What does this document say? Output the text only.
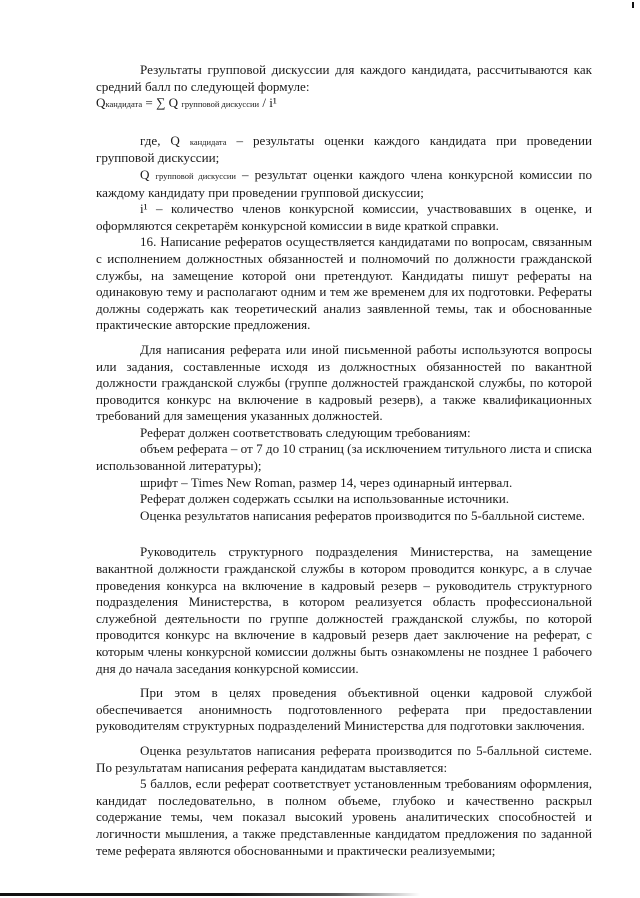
Результаты групповой дискуссии для каждого кандидата, рассчитываются как средний балл по следующей формуле:

Qкандидата = ∑ Q групповой дискуссии / i¹

где, Q кандидата – результаты оценки каждого кандидата при проведении групповой дискуссии;

Q групповой дискуссии – результат оценки каждого члена конкурсной комиссии по каждому кандидату при проведении групповой дискуссии;

i¹ – количество членов конкурсной комиссии, участвовавших в оценке, и оформляются секретарём конкурсной комиссии в виде краткой справки.

16. Написание рефератов осуществляется кандидатами по вопросам, связанным с исполнением должностных обязанностей и полномочий по должности гражданской службы, на замещение которой они претендуют. Кандидаты пишут рефераты на одинаковую тему и располагают одним и тем же временем для их подготовки. Рефераты должны содержать как теоретический анализ заявленной темы, так и обоснованные практические авторские предложения.

Для написания реферата или иной письменной работы используются вопросы или задания, составленные исходя из должностных обязанностей по вакантной должности гражданской службы (группе должностей гражданской службы, по которой проводится конкурс на включение в кадровый резерв), а также квалификационных требований для замещения указанных должностей.

Реферат должен соответствовать следующим требованиям:

объем реферата – от 7 до 10 страниц (за исключением титульного листа и списка использованной литературы);

шрифт – Times New Roman, размер 14, через одинарный интервал.

Реферат должен содержать ссылки на использованные источники.

Оценка результатов написания рефератов производится по 5-балльной системе.

Руководитель структурного подразделения Министерства, на замещение вакантной должности гражданской службы в котором проводится конкурс, а в случае проведения конкурса на включение в кадровый резерв – руководитель структурного подразделения Министерства, в котором реализуется область профессиональной служебной деятельности по группе должностей гражданской службы, по которой проводится конкурс на включение в кадровый резерв дает заключение на реферат, с которым члены конкурсной комиссии должны быть ознакомлены не позднее 1 рабочего дня до начала заседания конкурсной комиссии.

При этом в целях проведения объективной оценки кадровой службой обеспечивается анонимность подготовленного реферата при предоставлении руководителям структурных подразделений Министерства для подготовки заключения.

Оценка результатов написания реферата производится по 5-балльной системе. По результатам написания реферата кандидатам выставляется:

5 баллов, если реферат соответствует установленным требованиям оформления, кандидат последовательно, в полном объеме, глубоко и качественно раскрыл содержание темы, чем показал высокий уровень аналитических способностей и логичности мышления, а также представленные кандидатом предложения по заданной теме реферата являются обоснованными и практически реализуемыми;
